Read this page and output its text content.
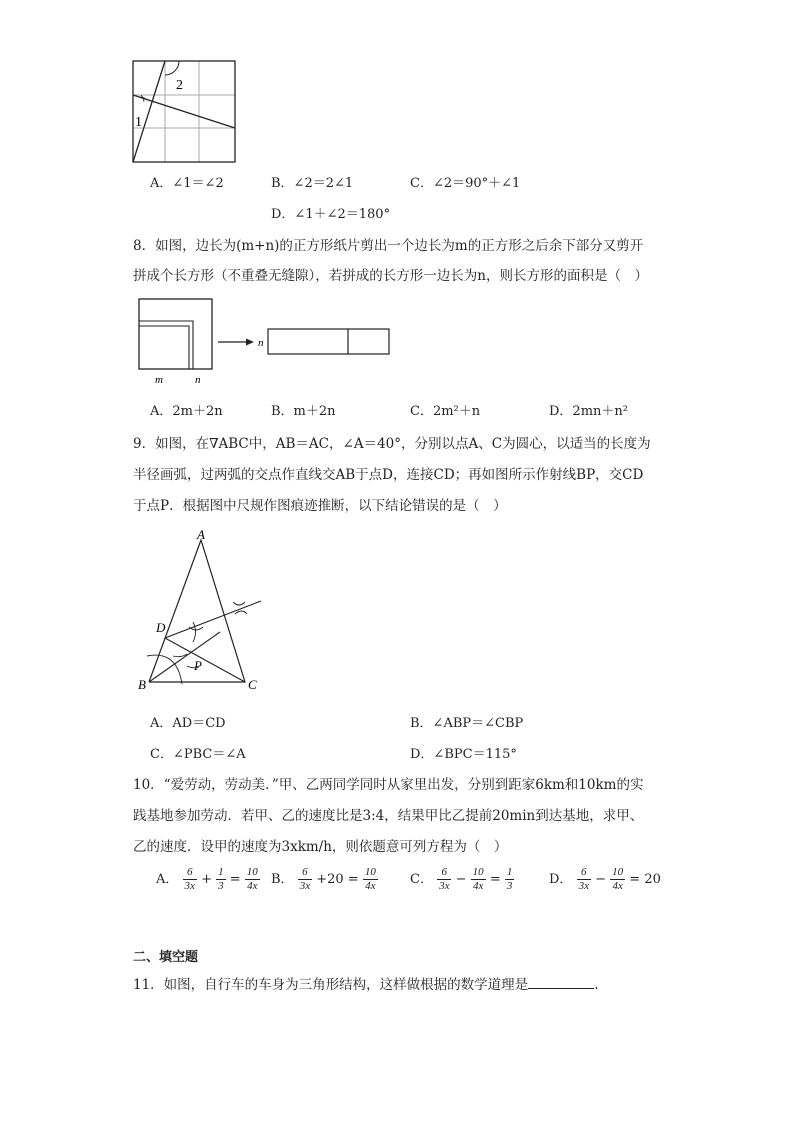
2
1
A．∠1＝∠2	B．∠2＝2∠1	C．∠2＝90°＋∠1
D．∠1＋∠2＝180°
8．如图，边长为(m+n)的正方形纸片剪出一个边长为m的正方形之后余下部分又剪开
拼成个长方形（不重叠无缝隙），若拼成的长方形一边长为n，则长方形的面积是（　）
m	n
n
A．2m＋2n	B．m＋2n	C．2m²＋n	D．2mn＋n²
9．如图，在∇ABC中，AB＝AC，∠A＝40°，分别以点A、C为圆心，以适当的长度为
半径画弧，过两弧的交点作直线交AB于点D，连接CD；再如图所示作射线BP，交CD
于点P．根据图中尺规作图痕迹推断，以下结论错误的是（　）
A
B	C
D
P
A．AD＝CD	B．∠ABP＝∠CBP
C．∠PBC＝∠A	D．∠BPC＝115°
10．“爱劳动，劳动美．”甲、乙两同学同时从家里出发，分别到距家6km和10km的实
践基地参加劳动．若甲、乙的速度比是3:4，结果甲比乙提前20min到达基地，求甲、
乙的速度．设甲的速度为3xkm/h，则依题意可列方程为（　）
A． $\frac{6}{3x} + \frac{1}{3} = \frac{10}{4x}$ B． $\frac{6}{3x} +20 = \frac{10}{4x}$ C． $\frac{6}{3x} - \frac{10}{4x} = \frac{1}{3}$	D． $\frac{6}{3x} - \frac{10}{4x} = 20$
二、填空题
11．如图，自行车的车身为三角形结构，这样做根据的数学道理是	.
